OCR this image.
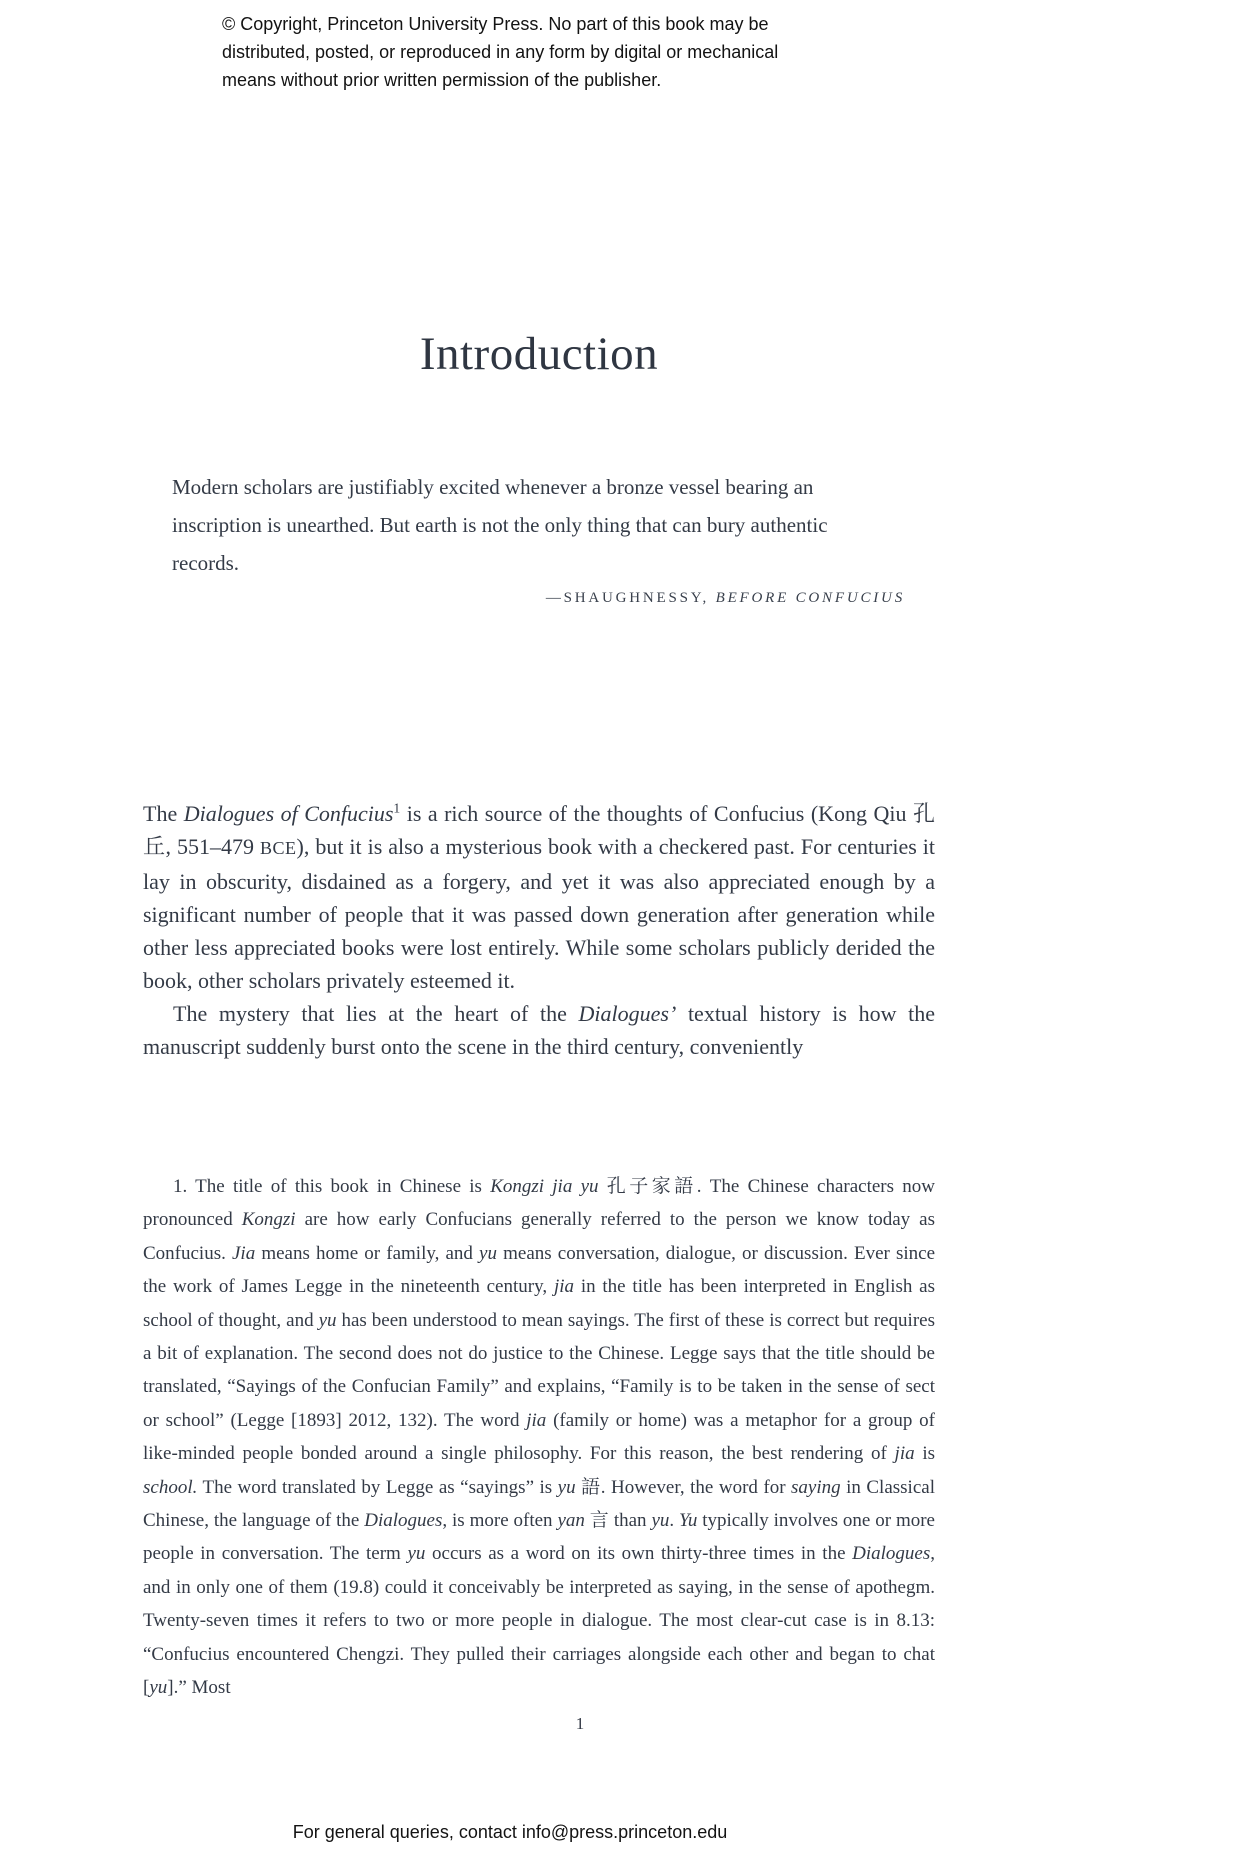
© Copyright, Princeton University Press. No part of this book may be
distributed, posted, or reproduced in any form by digital or mechanical
means without prior written permission of the publisher.
Introduction

Modern scholars are justifiably excited whenever a bronze vessel bearing an inscription is unearthed. But earth is not the only thing that can bury authentic records.

—SHAUGHNESSY, BEFORE CONFUCIUS

The Dialogues of Confucius$^1$ is a rich source of the thoughts of Confucius (Kong Qiu 孔丘, 551–479 BCE), but it is also a mysterious book with a checkered past. For centuries it lay in obscurity, disdained as a forgery, and yet it was also appreciated enough by a significant number of people that it was passed down generation after generation while other less appreciated books were lost entirely. While some scholars publicly derided the book, other scholars privately esteemed it.

The mystery that lies at the heart of the Dialogues’ textual history is how the manuscript suddenly burst onto the scene in the third century, conveniently

1. The title of this book in Chinese is Kongzi jia yu 孔子家語. The Chinese characters now pronounced Kongzi are how early Confucians generally referred to the person we know today as Confucius. Jia means home or family, and yu means conversation, dialogue, or discussion. Ever since the work of James Legge in the nineteenth century, jia in the title has been interpreted in English as school of thought, and yu has been understood to mean sayings. The first of these is correct but requires a bit of explanation. The second does not do justice to the Chinese. Legge says that the title should be translated, “Sayings of the Confucian Family” and explains, “Family is to be taken in the sense of sect or school” (Legge [1893] 2012, 132). The word jia (family or home) was a metaphor for a group of like-minded people bonded around a single philosophy. For this reason, the best rendering of jia is school. The word translated by Legge as “sayings” is yu 語. However, the word for saying in Classical Chinese, the language of the Dialogues, is more often yan 言 than yu. Yu typically involves one or more people in conversation. The term yu occurs as a word on its own thirty-three times in the Dialogues, and in only one of them (19.8) could it conceivably be interpreted as saying, in the sense of apothegm. Twenty-seven times it refers to two or more people in dialogue. The most clear-cut case is in 8.13: “Confucius encountered Chengzi. They pulled their carriages alongside each other and began to chat [yu].” Most
1
For general queries, contact info@press.princeton.edu
